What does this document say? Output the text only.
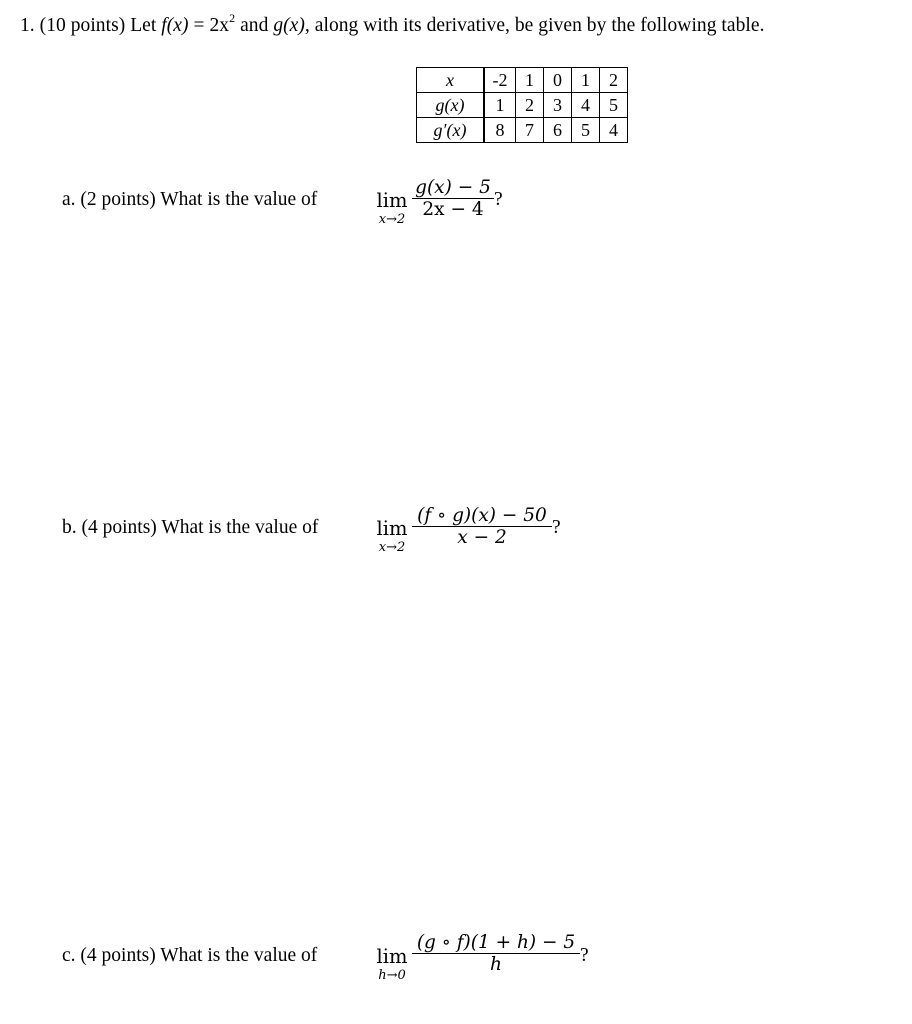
1. (10 points) Let $f(x) = 2x^2$ and g(x), along with its derivative, be given by the following table.
x	-2	1	0	1	2
g(x)	1	2	3	4	5
g′(x)	8	7	6	5	4
a. (2 points) What is the value of	lim
x→2
g(x) − 5
2x − 4 ?
b. (4 points) What is the value of	lim
x→2
(f ∘ g)(x) − 50
x − 2	?
c. (4 points) What is the value of	lim
h→0
(g ∘ f)(1 + h) − 5
h	?
